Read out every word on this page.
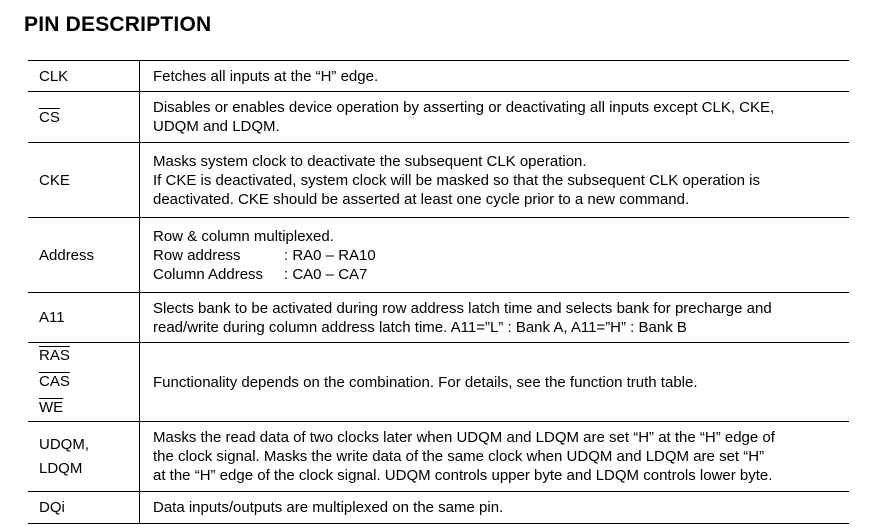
PIN DESCRIPTION
CLK	Fetches all inputs at the “H” edge.

$\overline{CS}$	Disables or enables device operation by asserting or deactivating all inputs except CLK, CKE,
UDQM and LDQM.

CKE	Masks system clock to deactivate the subsequent CLK operation.
If CKE is deactivated, system clock will be masked so that the subsequent CLK operation is
deactivated. CKE should be asserted at least one cycle prior to a new command.

Address	Row & column multiplexed.
Row address : RA0 – RA10
Column Address : CA0 – CA7

A11	Slects bank to be activated during row address latch time and selects bank for precharge and
read/write during column address latch time. A11=”L” : Bank A, A11=”H” : Bank B

$\overline{RAS}$
$\overline{CAS}$
$\overline{WE}$	Functionality depends on the combination. For details, see the function truth table.

UDQM,
LDQM	Masks the read data of two clocks later when UDQM and LDQM are set “H” at the “H” edge of
the clock signal. Masks the write data of the same clock when UDQM and LDQM are set “H”
at the “H” edge of the clock signal. UDQM controls upper byte and LDQM controls lower byte.

DQi	Data inputs/outputs are multiplexed on the same pin.
